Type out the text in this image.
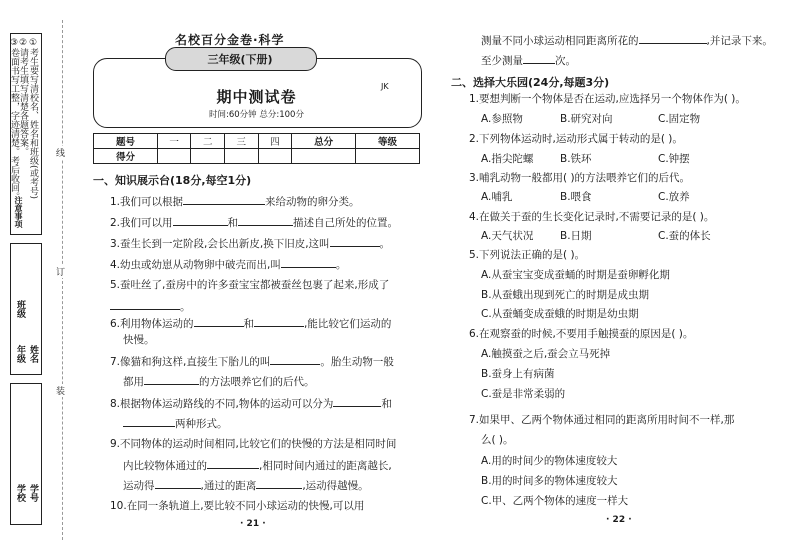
①考生要写清校名、姓名和班级(或考号)
②请考生填写清楚各题答案。
③卷面书写工整，字迹清楚。考后收回。
注意事项
年级 姓名
班级
学校 学号
线
订
装
名校百分金卷·科学
三年级(下册)
期中测试卷
时间:60分钟 总分:100分
JK
题号	一	二	三	四	总分	等级
得分						
一、知识展示台(18分,每空1分)
1.我们可以根据	来给动物的卵分类。
2.我们可以用	和	描述自己所处的位置。
3.蚕生长到一定阶段,会长出新皮,换下旧皮,这叫	。
4.幼虫或幼崽从动物卵中破壳而出,叫	。
5.蚕吐丝了,蚕房中的许多蚕宝宝都被蚕丝包裹了起来,形成了
。
6.利用物体运动的	和	,能比较它们运动的
快慢。
7.像猫和狗这样,直接生下胎儿的叫	。胎生动物一般
都用	的方法喂养它们的后代。
8.根据物体运动路线的不同,物体的运动可以分为	和
两种形式。
9.不同物体的运动时间相同,比较它们的快慢的方法是相同时间
内比较物体通过的	,相同时间内通过的距离越长,
运动得	,通过的距离	,运动得越慢。
10.在同一条轨道上,要比较不同小球运动的快慢,可以用
· 21 ·
测量不同小球运动相同距离所花的	,并记录下来。
至少测量	次。
二、选择大乐园(24分,每题3分)
1.要想判断一个物体是否在运动,应选择另一个物体作为( )。
A.参照物	B.研究对向	C.固定物
2.下列物体运动时,运动形式属于转动的是( )。
A.指尖陀螺	B.铁环	C.钟摆
3.哺乳动物一般都用( )的方法喂养它们的后代。
A.哺乳	B.喂食	C.放养
4.在做关于蚕的生长变化记录时,不需要记录的是( )。
A.天气状况	B.日期	C.蚕的体长
5.下列说法正确的是( )。
A.从蚕宝宝变成蚕蛹的时期是蚕卵孵化期
B.从蚕蛾出现到死亡的时期是成虫期
C.从蚕蛹变成蚕蛾的时期是幼虫期
6.在观察蚕的时候,不要用手触摸蚕的原因是( )。
A.触摸蚕之后,蚕会立马死掉
B.蚕身上有病菌
C.蚕是非常柔弱的
7.如果甲、乙两个物体通过相同的距离所用时间不一样,那
么( )。
A.用的时间少的物体速度较大
B.用的时间多的物体速度较大
C.甲、乙两个物体的速度一样大
· 22 ·
